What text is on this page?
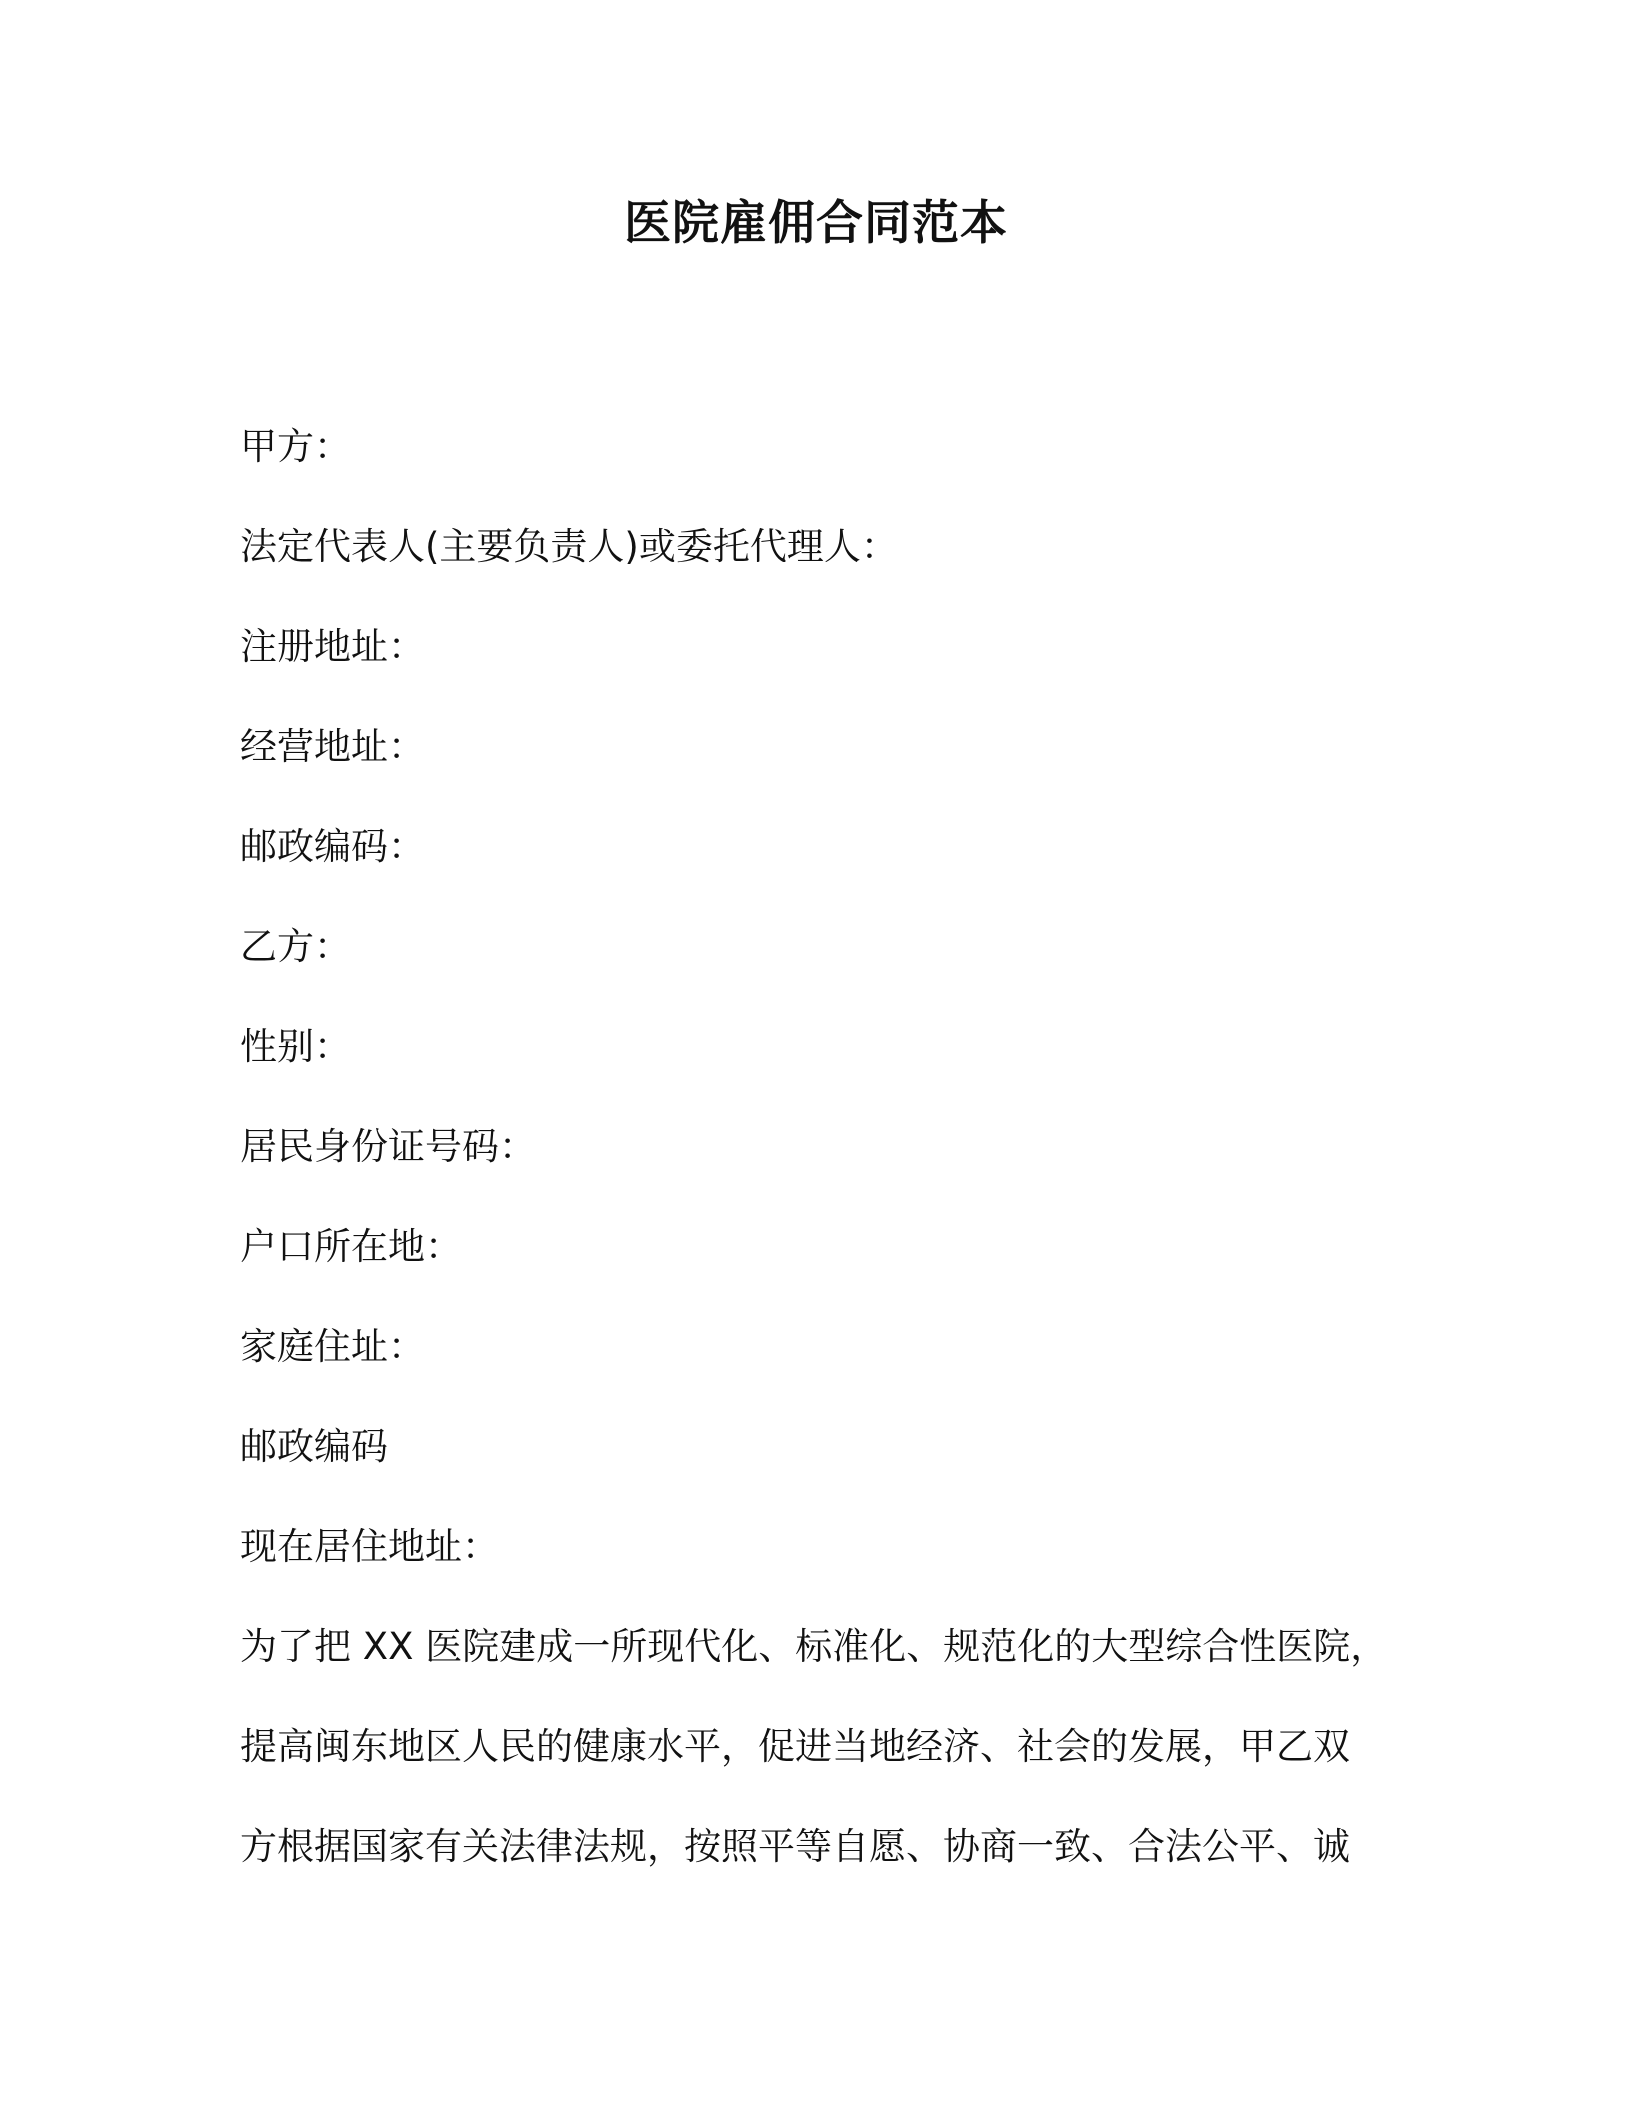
医院雇佣合同范本
甲方：
法定代表人(主要负责人)或委托代理人：
注册地址：
经营地址：
邮政编码：
乙方：
性别：
居民身份证号码：
户口所在地：
家庭住址：
邮政编码
现在居住地址：
为了把 XX 医院建成一所现代化、标准化、规范化的大型综合性医院，
提高闽东地区人民的健康水平，促进当地经济、社会的发展，甲乙双
方根据国家有关法律法规，按照平等自愿、协商一致、合法公平、诚
